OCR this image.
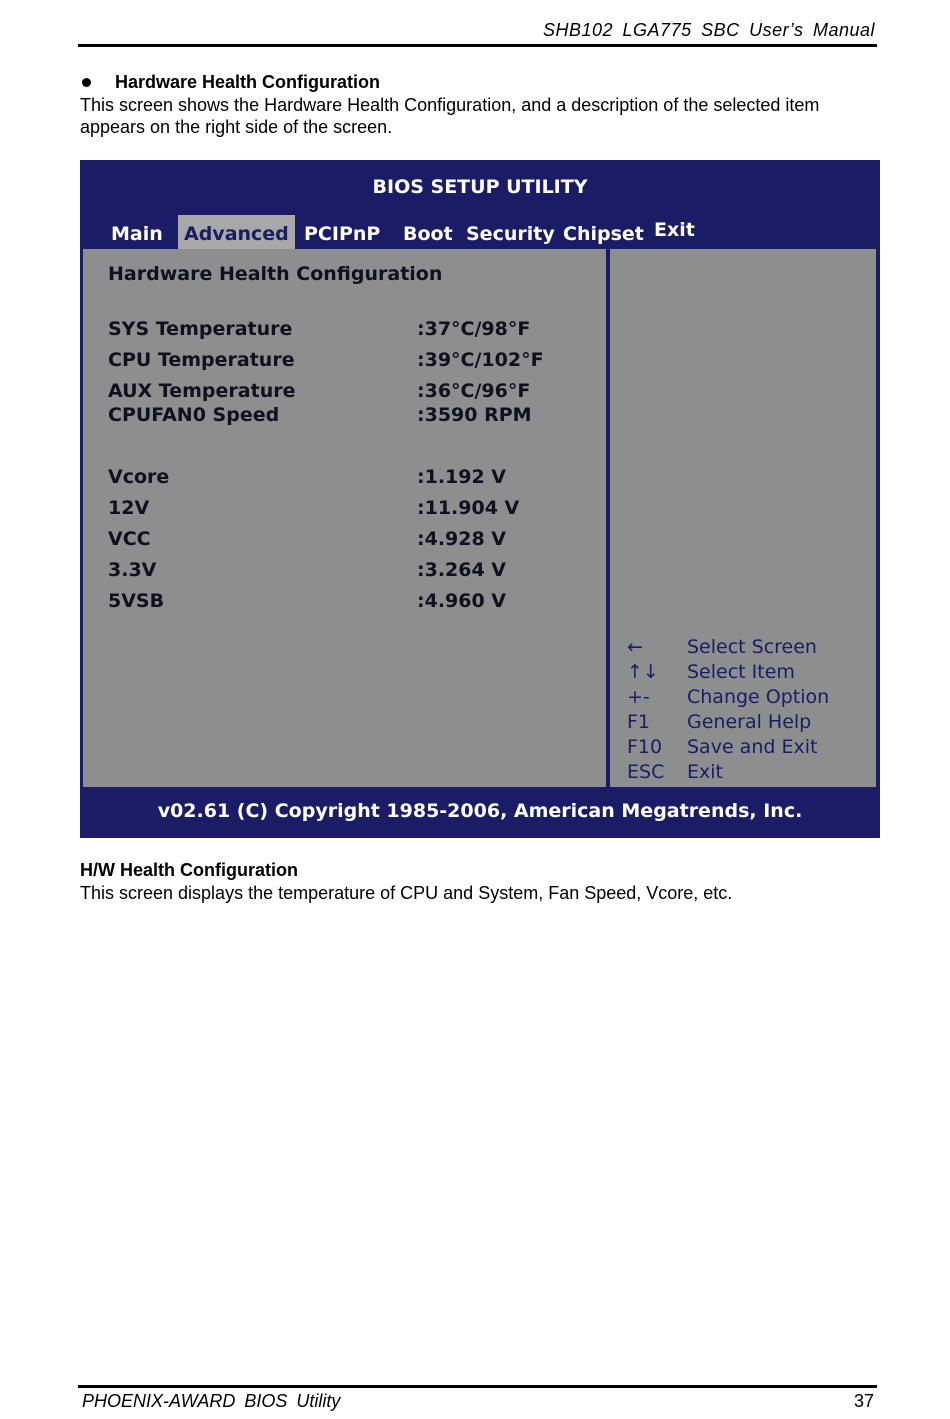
SHB102 LGA775 SBC User’s Manual
Hardware Health Configuration
This screen shows the Hardware Health Configuration, and a description of the selected item appears on the right side of the screen.
BIOS SETUP UTILITY
Main	Advanced PCIPnP	Boot Security Chipset Exit
Hardware Health Configuration
SYS Temperature	:37°C/98°F
CPU Temperature	:39°C/102°F
AUX Temperature	:36°C/96°F
CPUFAN0 Speed	:3590 RPM
Vcore	:1.192 V
12V	:11.904 V
VCC	:4.928 V
3.3V	:3.264 V
5VSB	:4.960 V
← Select Screen
↑↓ Select Item
+- Change Option
F1 General Help
F10 Save and Exit
ESC Exit
v02.61 (C) Copyright 1985-2006, American Megatrends, Inc.
H/W Health Configuration
This screen displays the temperature of CPU and System, Fan Speed, Vcore, etc.
PHOENIX-AWARD BIOS Utility	37
